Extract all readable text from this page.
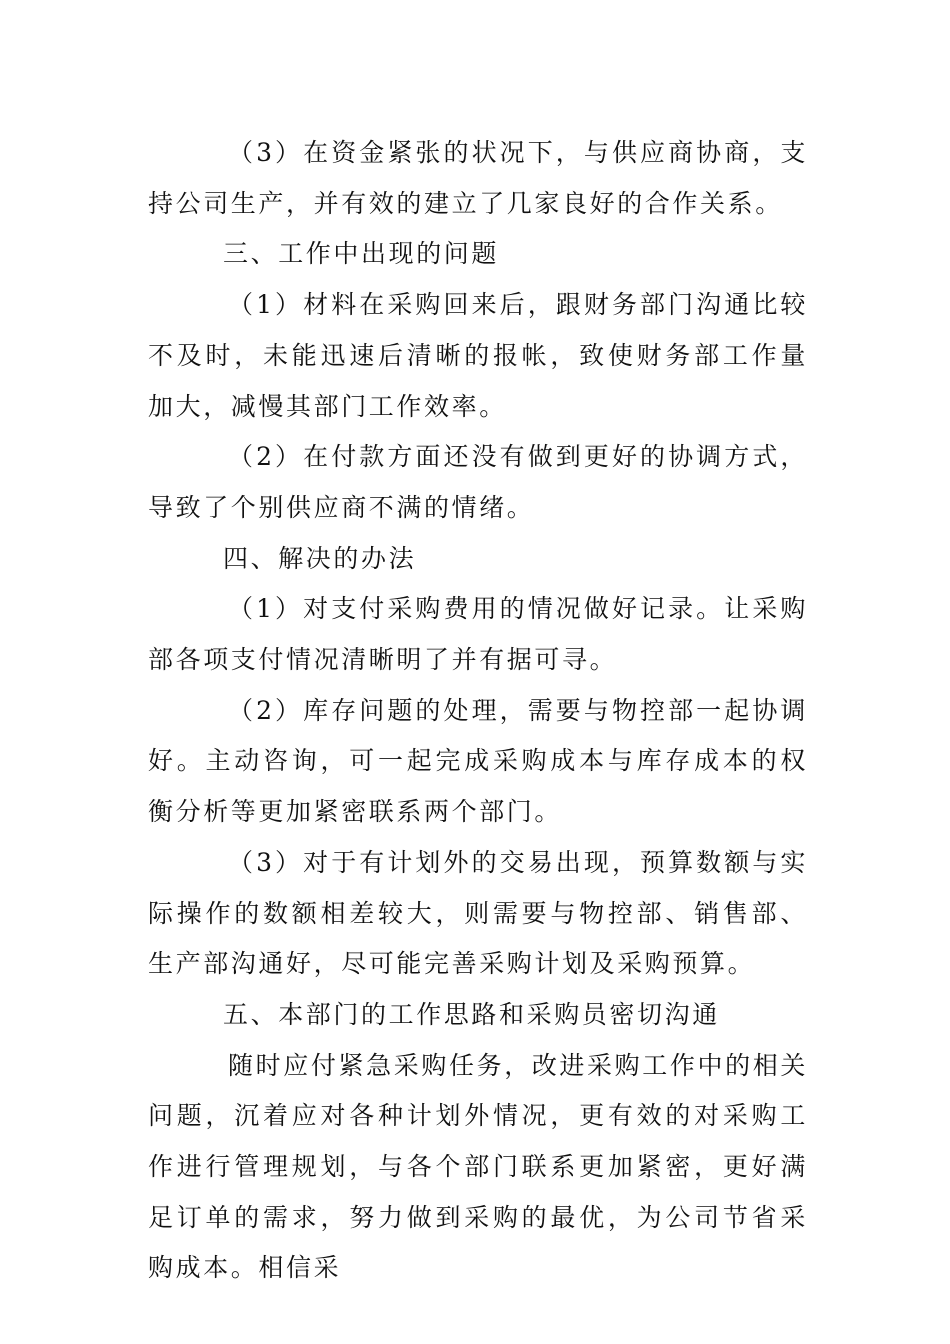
（3）在资金紧张的状况下，与供应商协商，支持公司生产，并有效的建立了几家良好的合作关系。

三、工作中出现的问题

（1）材料在采购回来后，跟财务部门沟通比较不及时，未能迅速后清晰的报帐，致使财务部工作量加大，减慢其部门工作效率。

（2）在付款方面还没有做到更好的协调方式，导致了个别供应商不满的情绪。

四、解决的办法

（1）对支付采购费用的情况做好记录。让采购部各项支付情况清晰明了并有据可寻。

（2）库存问题的处理，需要与物控部一起协调好。主动咨询，可一起完成采购成本与库存成本的权衡分析等更加紧密联系两个部门。

（3）对于有计划外的交易出现，预算数额与实际操作的数额相差较大，则需要与物控部、销售部、生产部沟通好，尽可能完善采购计划及采购预算。

五、本部门的工作思路和采购员密切沟通

随时应付紧急采购任务，改进采购工作中的相关问题，沉着应对各种计划外情况，更有效的对采购工作进行管理规划，与各个部门联系更加紧密，更好满足订单的需求，努力做到采购的最优，为公司节省采购成本。相信采
